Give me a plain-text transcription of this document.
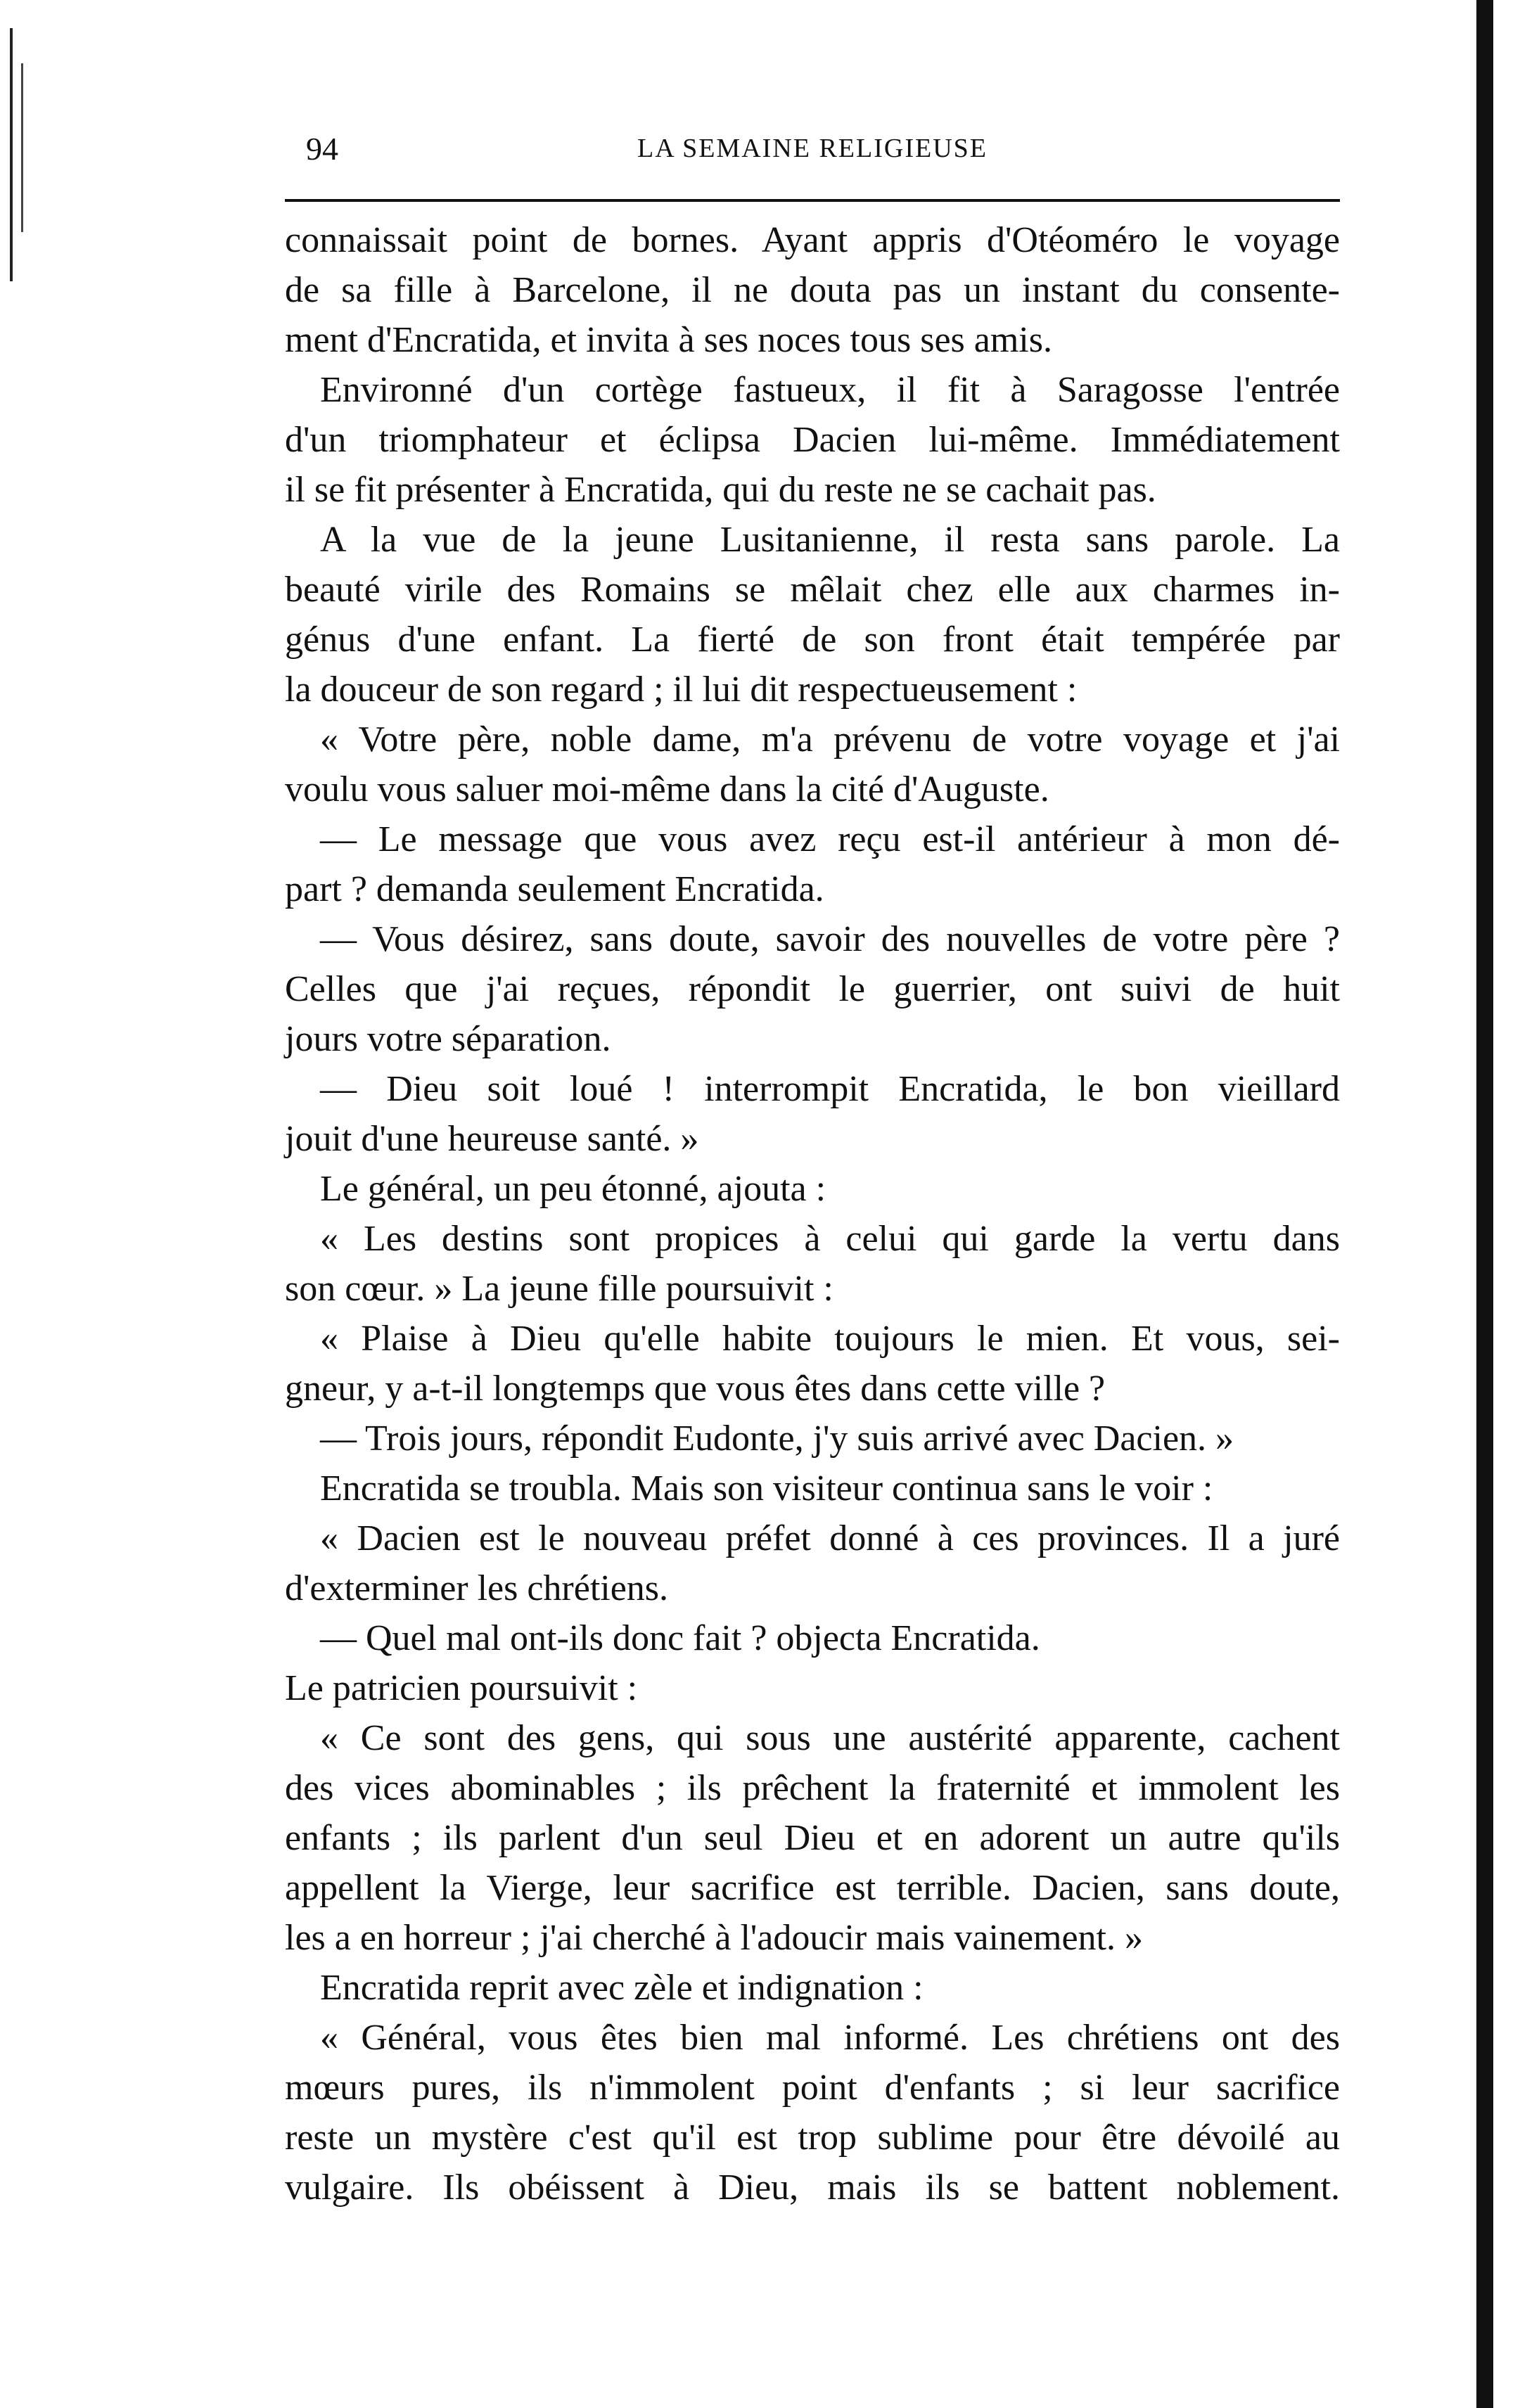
94	LA SEMAINE RELIGIEUSE
connaissait point de bornes. Ayant appris d'Otéoméro le voyage
de sa fille à Barcelone, il ne douta pas un instant du consente-
ment d'Encratida, et invita à ses noces tous ses amis.
Environné d'un cortège fastueux, il fit à Saragosse l'entrée
d'un triomphateur et éclipsa Dacien lui-même. Immédiatement
il se fit présenter à Encratida, qui du reste ne se cachait pas.
A la vue de la jeune Lusitanienne, il resta sans parole. La
beauté virile des Romains se mêlait chez elle aux charmes in-
génus d'une enfant. La fierté de son front était tempérée par
la douceur de son regard ; il lui dit respectueusement :
« Votre père, noble dame, m'a prévenu de votre voyage et j'ai
voulu vous saluer moi-même dans la cité d'Auguste.
— Le message que vous avez reçu est-il antérieur à mon dé-
part ? demanda seulement Encratida.
— Vous désirez, sans doute, savoir des nouvelles de votre père ?
Celles que j'ai reçues, répondit le guerrier, ont suivi de huit
jours votre séparation.
— Dieu soit loué ! interrompit Encratida, le bon vieillard
jouit d'une heureuse santé. »
Le général, un peu étonné, ajouta :
« Les destins sont propices à celui qui garde la vertu dans
son cœur. » La jeune fille poursuivit :
« Plaise à Dieu qu'elle habite toujours le mien. Et vous, sei-
gneur, y a-t-il longtemps que vous êtes dans cette ville ?
— Trois jours, répondit Eudonte, j'y suis arrivé avec Dacien. »
Encratida se troubla. Mais son visiteur continua sans le voir :
« Dacien est le nouveau préfet donné à ces provinces. Il a juré
d'exterminer les chrétiens.
— Quel mal ont-ils donc fait ? objecta Encratida.
Le patricien poursuivit :
« Ce sont des gens, qui sous une austérité apparente, cachent
des vices abominables ; ils prêchent la fraternité et immolent les
enfants ; ils parlent d'un seul Dieu et en adorent un autre qu'ils
appellent la Vierge, leur sacrifice est terrible. Dacien, sans doute,
les a en horreur ; j'ai cherché à l'adoucir mais vainement. »
Encratida reprit avec zèle et indignation :
« Général, vous êtes bien mal informé. Les chrétiens ont des
mœurs pures, ils n'immolent point d'enfants ; si leur sacrifice
reste un mystère c'est qu'il est trop sublime pour être dévoilé au
vulgaire. Ils obéissent à Dieu, mais ils se battent noblement.
